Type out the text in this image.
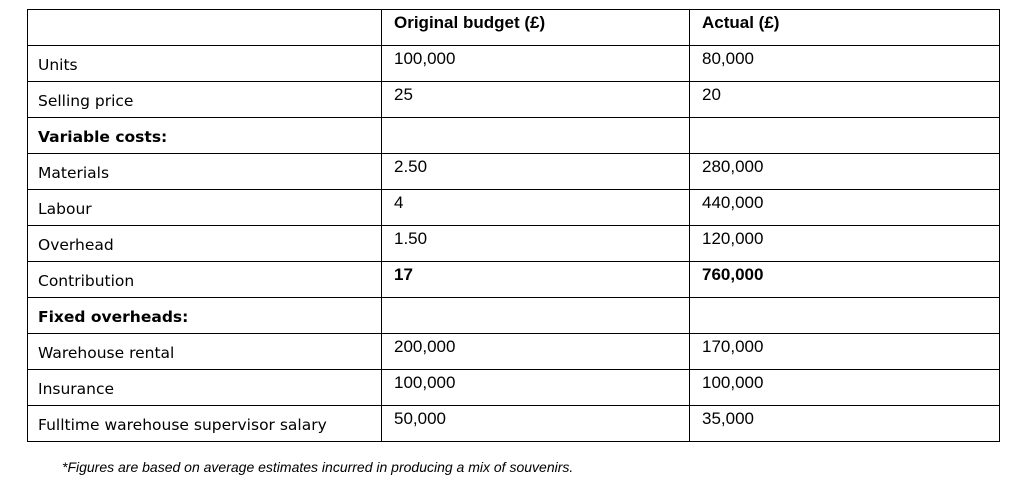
	Original budget (£)	Actual (£)
Units	100,000	80,000
Selling price	25	20
Variable costs:		
Materials	2.50	280,000
Labour	4	440,000
Overhead	1.50	120,000
Contribution	17	760,000
Fixed overheads:		
Warehouse rental	200,000	170,000
Insurance	100,000	100,000
Fulltime warehouse supervisor salary	50,000	35,000
*Figures are based on average estimates incurred in producing a mix of souvenirs.
